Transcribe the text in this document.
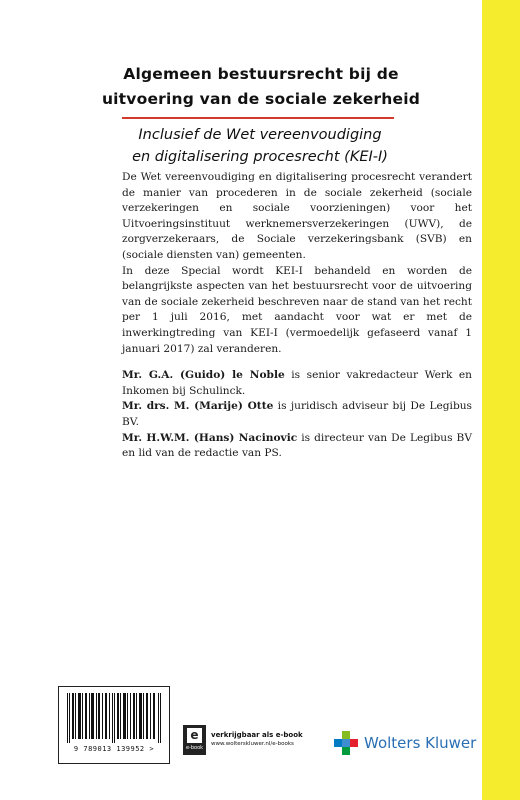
Algemeen bestuursrecht bij de
uitvoering van de sociale zekerheid
Inclusief de Wet vereenvoudiging
en digitalisering procesrecht (KEI-I)

De Wet vereenvoudiging en digitalisering procesrecht verandert de manier van procederen in de sociale zekerheid (sociale verzekeringen en sociale voorzieningen) voor het Uitvoeringsinstituut werknemersverzekeringen (UWV), de zorgverzekeraars, de Sociale verzekeringsbank (SVB) en (sociale diensten van) gemeenten.

In deze Special wordt KEI-I behandeld en worden de belangrijkste aspecten van het bestuursrecht voor de uitvoering van de sociale zekerheid beschreven naar de stand van het recht per 1 juli 2016, met aandacht voor wat er met de inwerkingtreding van KEI-I (vermoedelijk gefaseerd vanaf 1 januari 2017) zal veranderen.

Mr. G.A. (Guido) le Noble is senior vakredacteur Werk en Inkomen bij Schulinck.

Mr. drs. M. (Marije) Otte is juridisch adviseur bij De Legibus BV.

Mr. H.W.M. (Hans) Nacinovic is directeur van De Legibus BV en lid van de redactie van PS.

9 789013 139952 >
e
e-book
verkrijgbaar als e-book
www.wolterskluwer.nl/e-books	Wolters Kluwer
